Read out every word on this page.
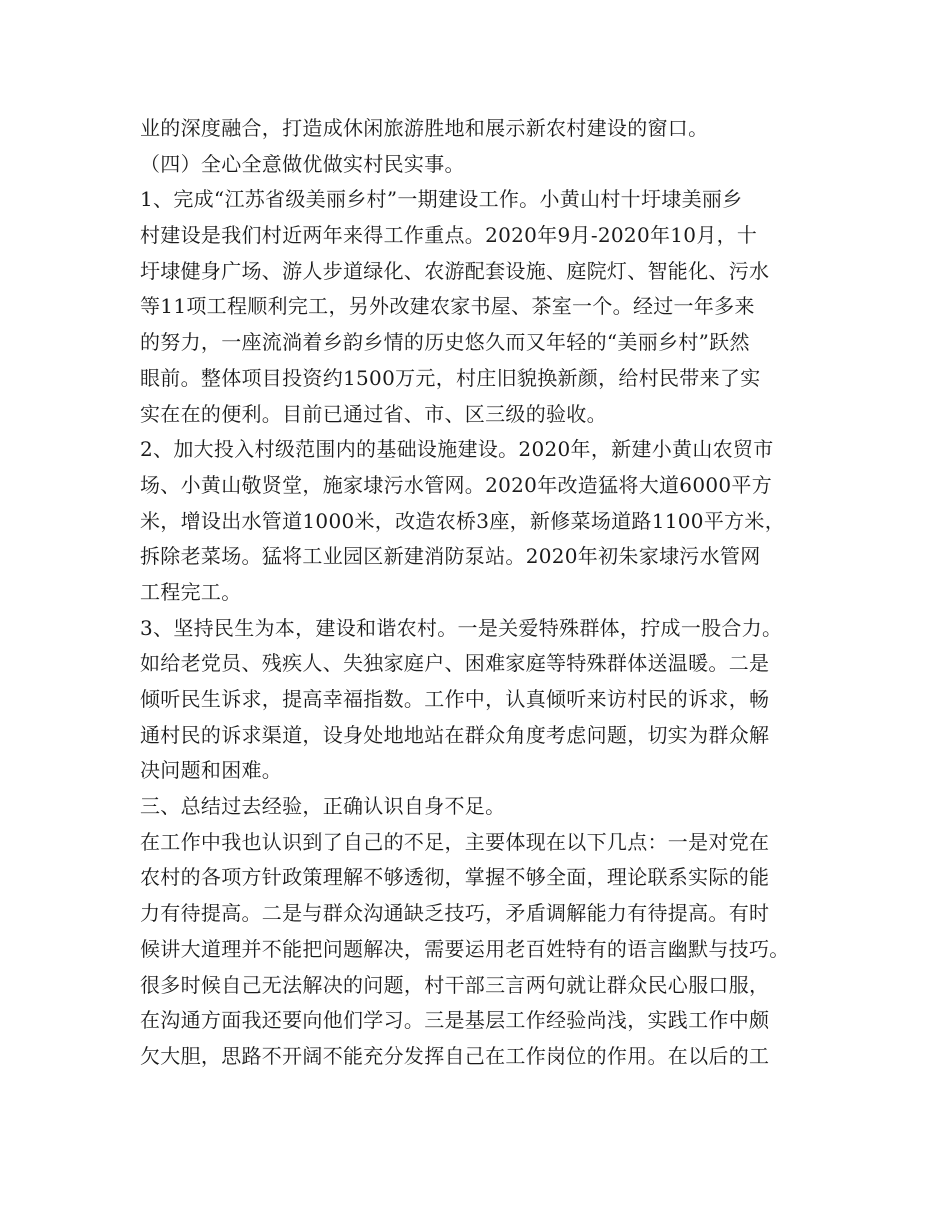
业的深度融合，打造成休闲旅游胜地和展示新农村建设的窗口。
（四）全心全意做优做实村民实事。
1、完成“江苏省级美丽乡村”一期建设工作。小黄山村十圩埭美丽乡
村建设是我们村近两年来得工作重点。2020年9月-2020年10月，十
圩埭健身广场、游人步道绿化、农游配套设施、庭院灯、智能化、污水
等11项工程顺利完工，另外改建农家书屋、茶室一个。经过一年多来
的努力，一座流淌着乡韵乡情的历史悠久而又年轻的“美丽乡村”跃然
眼前。整体项目投资约1500万元，村庄旧貌换新颜，给村民带来了实
实在在的便利。目前已通过省、市、区三级的验收。
2、加大投入村级范围内的基础设施建设。2020年，新建小黄山农贸市
场、小黄山敬贤堂，施家埭污水管网。2020年改造猛将大道6000平方
米，增设出水管道1000米，改造农桥3座，新修菜场道路1100平方米，
拆除老菜场。猛将工业园区新建消防泵站。2020年初朱家埭污水管网
工程完工。
3、坚持民生为本，建设和谐农村。一是关爱特殊群体，拧成一股合力。
如给老党员、残疾人、失独家庭户、困难家庭等特殊群体送温暖。二是
倾听民生诉求，提高幸福指数。工作中，认真倾听来访村民的诉求，畅
通村民的诉求渠道，设身处地地站在群众角度考虑问题，切实为群众解
决问题和困难。
三、总结过去经验，正确认识自身不足。
在工作中我也认识到了自己的不足，主要体现在以下几点：一是对党在
农村的各项方针政策理解不够透彻，掌握不够全面，理论联系实际的能
力有待提高。二是与群众沟通缺乏技巧，矛盾调解能力有待提高。有时
候讲大道理并不能把问题解决，需要运用老百姓特有的语言幽默与技巧。
很多时候自己无法解决的问题，村干部三言两句就让群众民心服口服，
在沟通方面我还要向他们学习。三是基层工作经验尚浅，实践工作中颇
欠大胆，思路不开阔不能充分发挥自己在工作岗位的作用。在以后的工
